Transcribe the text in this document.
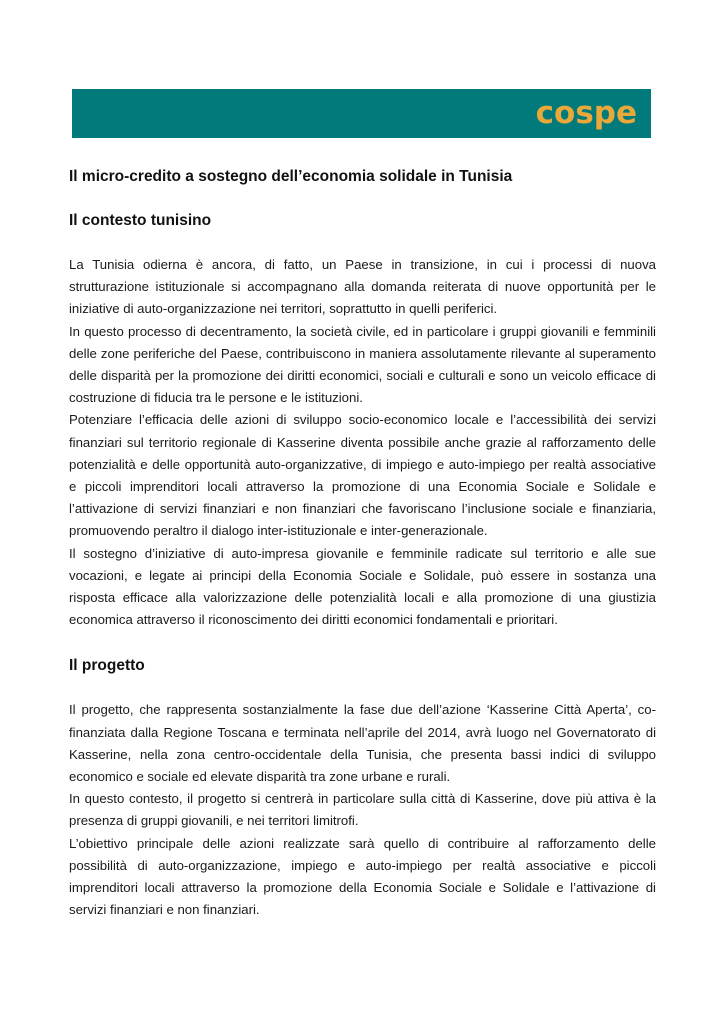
cospe
Il micro-credito a sostegno dell’economia solidale in Tunisia
Il contesto tunisino

La Tunisia odierna è ancora, di fatto, un Paese in transizione, in cui i processi di nuova strutturazione istituzionale si accompagnano alla domanda reiterata di nuove opportunità per le iniziative di auto-organizzazione nei territori, soprattutto in quelli periferici.

In questo processo di decentramento, la società civile, ed in particolare i gruppi giovanili e femminili delle zone periferiche del Paese, contribuiscono in maniera assolutamente rilevante al superamento delle disparità per la promozione dei diritti economici, sociali e culturali e sono un veicolo efficace di costruzione di fiducia tra le persone e le istituzioni.

Potenziare l’efficacia delle azioni di sviluppo socio-economico locale e l’accessibilità dei servizi finanziari sul territorio regionale di Kasserine diventa possibile anche grazie al rafforzamento delle potenzialità e delle opportunità auto-organizzative, di impiego e auto-impiego per realtà associative e piccoli imprenditori locali attraverso la promozione di una Economia Sociale e Solidale e l’attivazione di servizi finanziari e non finanziari che favoriscano l’inclusione sociale e finanziaria, promuovendo peraltro il dialogo inter-istituzionale e inter-generazionale.

Il sostegno d’iniziative di auto-impresa giovanile e femminile radicate sul territorio e alle sue vocazioni, e legate ai principi della Economia Sociale e Solidale, può essere in sostanza una risposta efficace alla valorizzazione delle potenzialità locali e alla promozione di una giustizia economica attraverso il riconoscimento dei diritti economici fondamentali e prioritari.

Il progetto

Il progetto, che rappresenta sostanzialmente la fase due dell’azione ‘Kasserine Città Aperta’, co-finanziata dalla Regione Toscana e terminata nell’aprile del 2014, avrà luogo nel Governatorato di Kasserine, nella zona centro-occidentale della Tunisia, che presenta bassi indici di sviluppo economico e sociale ed elevate disparità tra zone urbane e rurali.

In questo contesto, il progetto si centrerà in particolare sulla città di Kasserine, dove più attiva è la presenza di gruppi giovanili, e nei territori limitrofi.

L’obiettivo principale delle azioni realizzate sarà quello di contribuire al rafforzamento delle possibilità di auto-organizzazione, impiego e auto-impiego per realtà associative e piccoli imprenditori locali attraverso la promozione della Economia Sociale e Solidale e l’attivazione di servizi finanziari e non finanziari.
